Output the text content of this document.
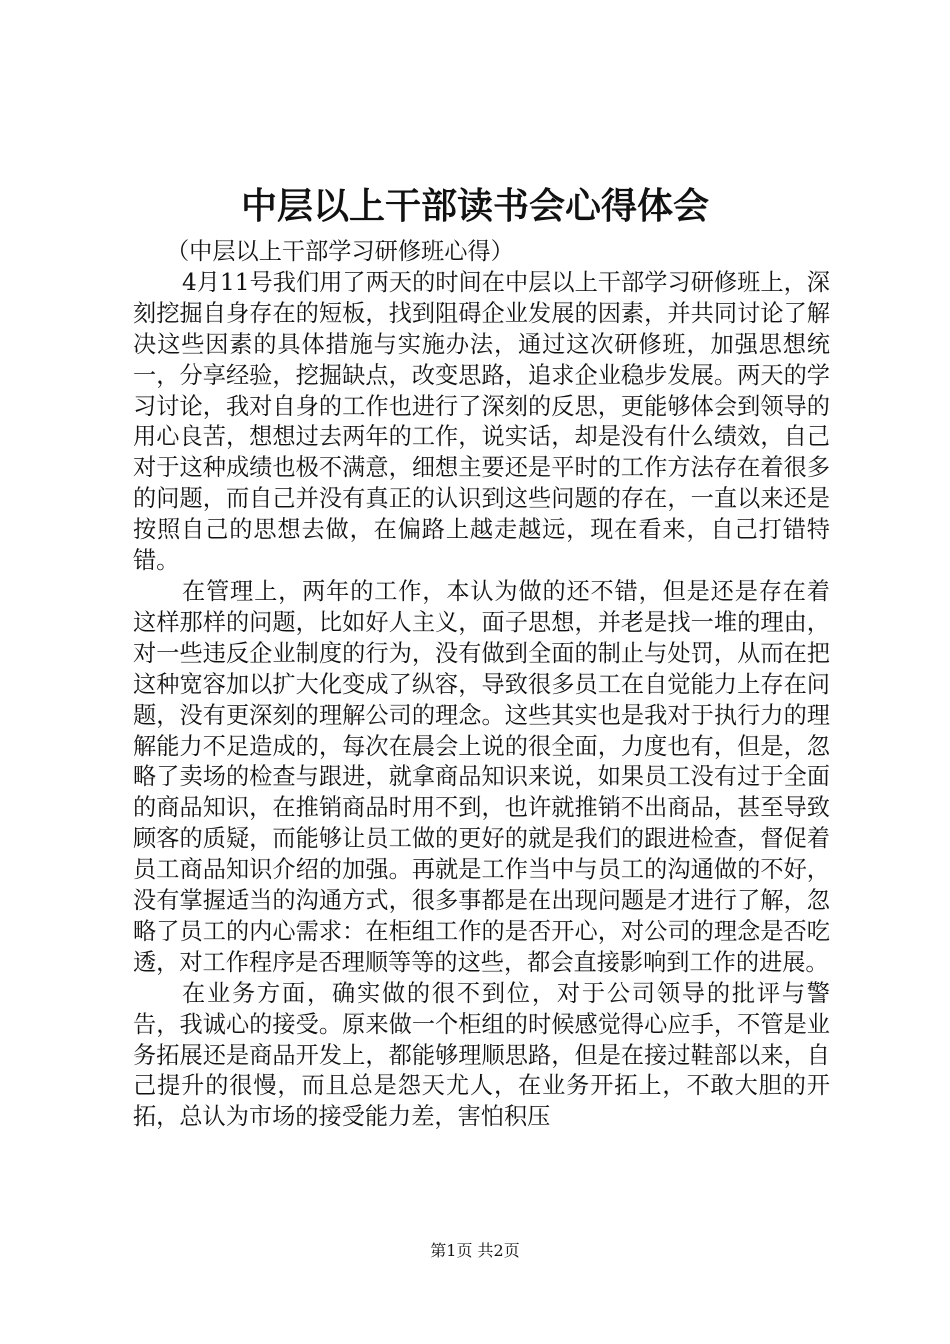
中层以上干部读书会心得体会

（中层以上干部学习研修班心得）

4月11号我们用了两天的时间在中层以上干部学习研修班上，深刻挖掘自身存在的短板，找到阻碍企业发展的因素，并共同讨论了解决这些因素的具体措施与实施办法，通过这次研修班，加强思想统一，分享经验，挖掘缺点，改变思路，追求企业稳步发展。两天的学习讨论，我对自身的工作也进行了深刻的反思，更能够体会到领导的用心良苦，想想过去两年的工作，说实话，却是没有什么绩效，自己对于这种成绩也极不满意，细想主要还是平时的工作方法存在着很多的问题，而自己并没有真正的认识到这些问题的存在，一直以来还是按照自己的思想去做，在偏路上越走越远，现在看来，自己打错特错。

在管理上，两年的工作，本认为做的还不错，但是还是存在着这样那样的问题，比如好人主义，面子思想，并老是找一堆的理由，对一些违反企业制度的行为，没有做到全面的制止与处罚，从而在把这种宽容加以扩大化变成了纵容，导致很多员工在自觉能力上存在问题，没有更深刻的理解公司的理念。这些其实也是我对于执行力的理解能力不足造成的，每次在晨会上说的很全面，力度也有，但是，忽略了卖场的检查与跟进，就拿商品知识来说，如果员工没有过于全面的商品知识，在推销商品时用不到，也许就推销不出商品，甚至导致顾客的质疑，而能够让员工做的更好的就是我们的跟进检查，督促着员工商品知识介绍的加强。再就是工作当中与员工的沟通做的不好，没有掌握适当的沟通方式，很多事都是在出现问题是才进行了解，忽略了员工的内心需求：在柜组工作的是否开心，对公司的理念是否吃透，对工作程序是否理顺等等的这些，都会直接影响到工作的进展。

在业务方面，确实做的很不到位，对于公司领导的批评与警告，我诚心的接受。原来做一个柜组的时候感觉得心应手，不管是业务拓展还是商品开发上，都能够理顺思路，但是在接过鞋部以来，自己提升的很慢，而且总是怨天尤人，在业务开拓上，不敢大胆的开拓，总认为市场的接受能力差，害怕积压

第1页 共2页
